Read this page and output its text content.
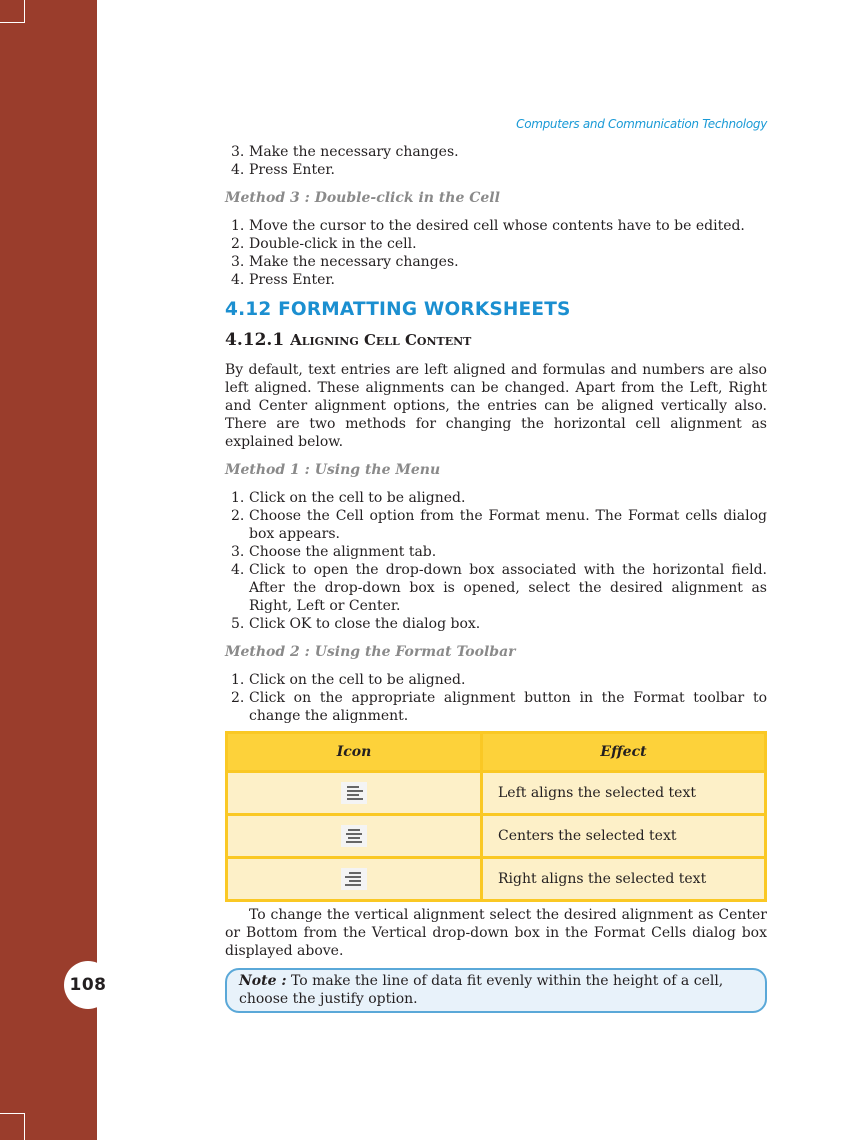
108
Computers and Communication Technology
3. Make the necessary changes.
4. Press Enter.
Method 3 : Double-click in the Cell
1. Move the cursor to the desired cell whose contents have to be edited.
2. Double-click in the cell.
3. Make the necessary changes.
4. Press Enter.
4.12 FORMATTING WORKSHEETS
4.12.1 Aligning Cell Content

By default, text entries are left aligned and formulas and numbers are also left aligned. These alignments can be changed. Apart from the Left, Right and Center alignment options, the entries can be aligned vertically also. There are two methods for changing the horizontal cell alignment as explained below.

Method 1 : Using the Menu
1. Click on the cell to be aligned.
2. Choose the Cell option from the Format menu. The Format cells dialog box appears.
3. Choose the alignment tab.
4. Click to open the drop-down box associated with the horizontal field. After the drop-down box is opened, select the desired alignment as Right, Left or Center.
5. Click OK to close the dialog box.
Method 2 : Using the Format Toolbar
1. Click on the cell to be aligned.
2. Click on the appropriate alignment button in the Format toolbar to change the alignment.
Icon	Effect

	Left aligns the selected text

	Centers the selected text

	Right aligns the selected text

To change the vertical alignment select the desired alignment as Center or Bottom from the Vertical drop-down box in the Format Cells dialog box displayed above.

Note : To make the line of data fit evenly within the height of a cell, choose the justify option.
